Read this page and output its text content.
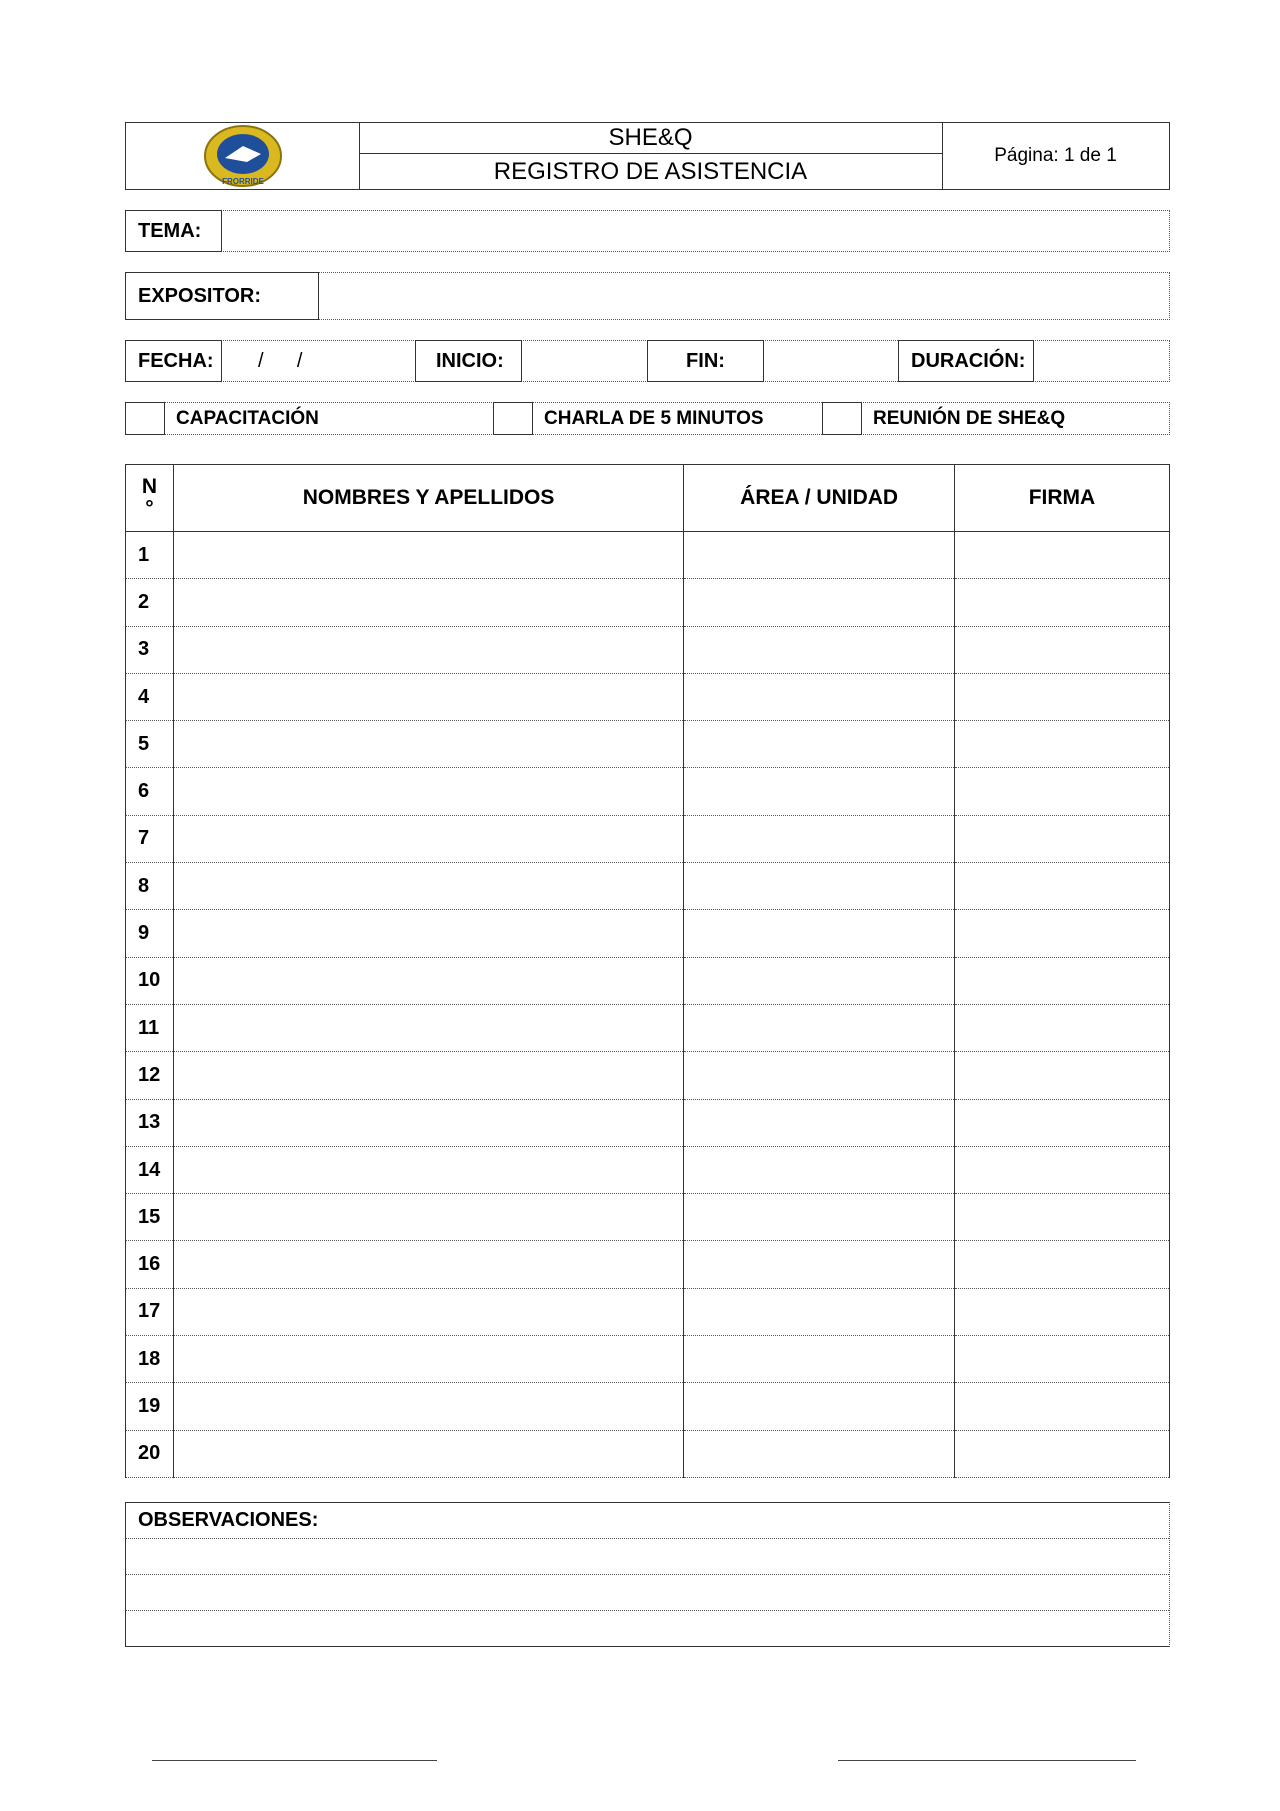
FRORRIDE
SHE&Q
REGISTRO DE ASISTENCIA
Página: 1 de 1
TEMA:
EXPOSITOR:
FECHA:	/      /	INICIO:	FIN:	DURACIÓN:
CAPACITACIÓN	CHARLA DE 5 MINUTOS	REUNIÓN DE SHE&Q
N
°	NOMBRES Y APELLIDOS	ÁREA / UNIDAD	FIRMA
1			
2			
3			
4			
5			
6			
7			
8			
9			
10			
11			
12			
13			
14			
15			
16			
17			
18			
19			
20			
OBSERVACIONES:
